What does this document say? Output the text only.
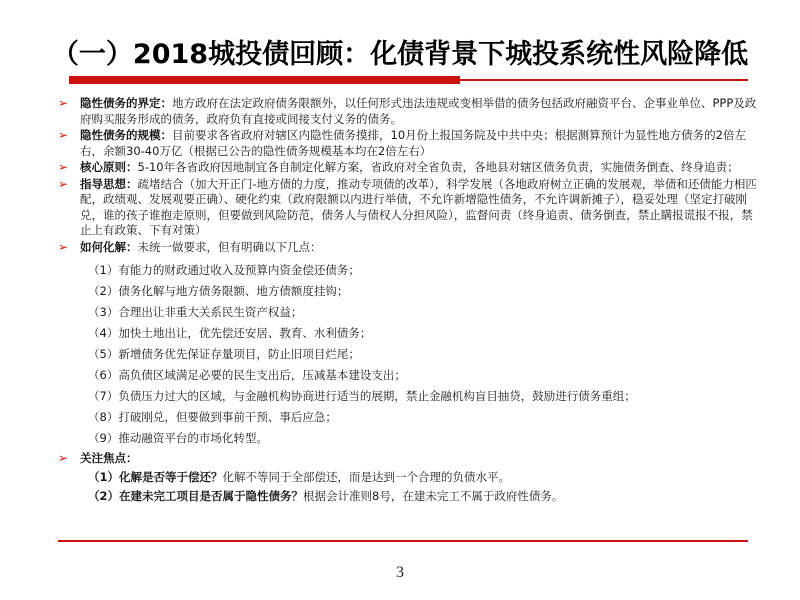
（一）2018城投债回顾：化债背景下城投系统性风险降低
➢ 隐性债务的界定：地方政府在法定政府债务限额外，以任何形式违法违规或变相举借的债务包括政府融资平台、企事业单位、PPP及政府购买服务形成的债务，政府负有直接或间接支付义务的债务。
➢ 隐性债务的规模：目前要求各省政府对辖区内隐性债务摸排，10月份上报国务院及中共中央；根据测算预计为显性地方债务的2倍左右，余额30-40万亿（根据已公告的隐性债务规模基本均在2倍左右）
➢ 核心原则：5-10年各省政府因地制宜各自制定化解方案，省政府对全省负责，各地县对辖区债务负责，实施债务倒查、终身追责；
➢ 指导思想：疏堵结合（加大开正门-地方债的力度，推动专项债的改革），科学发展（各地政府树立正确的发展观，举债和还债能力相匹配，政绩观、发展观要正确）、硬化约束（政府限额以内进行举债，不允许新增隐性债务，不允许调新摊子），稳妥处理（坚定打破刚兑，谁的孩子谁抱走原则，但要做到风险防范，债务人与债权人分担风险），监督问责（终身追责、债务倒查，禁止瞒报谎报不报，禁止上有政策、下有对策）
➢ 如何化解：未统一做要求，但有明确以下几点：
（1）有能力的财政通过收入及预算内资金偿还债务；
（2）债务化解与地方债务限额、地方债额度挂钩；
（3）合理出让非重大关系民生资产权益；
（4）加快土地出让，优先偿还安居、教育、水利债务；
（5）新增债务优先保证存量项目，防止旧项目烂尾；
（6）高负债区域满足必要的民生支出后，压减基本建设支出；
（7）负债压力过大的区域，与金融机构协商进行适当的展期，禁止金融机构盲目抽贷，鼓励进行债务重组；
（8）打破刚兑，但要做到事前干预、事后应急；
（9）推动融资平台的市场化转型。
➢ 关注焦点：
（1）化解是否等于偿还？化解不等同于全部偿还，而是达到一个合理的负债水平。
（2）在建未完工项目是否属于隐性债务？根据会计准则8号，在建未完工不属于政府性债务。
3
